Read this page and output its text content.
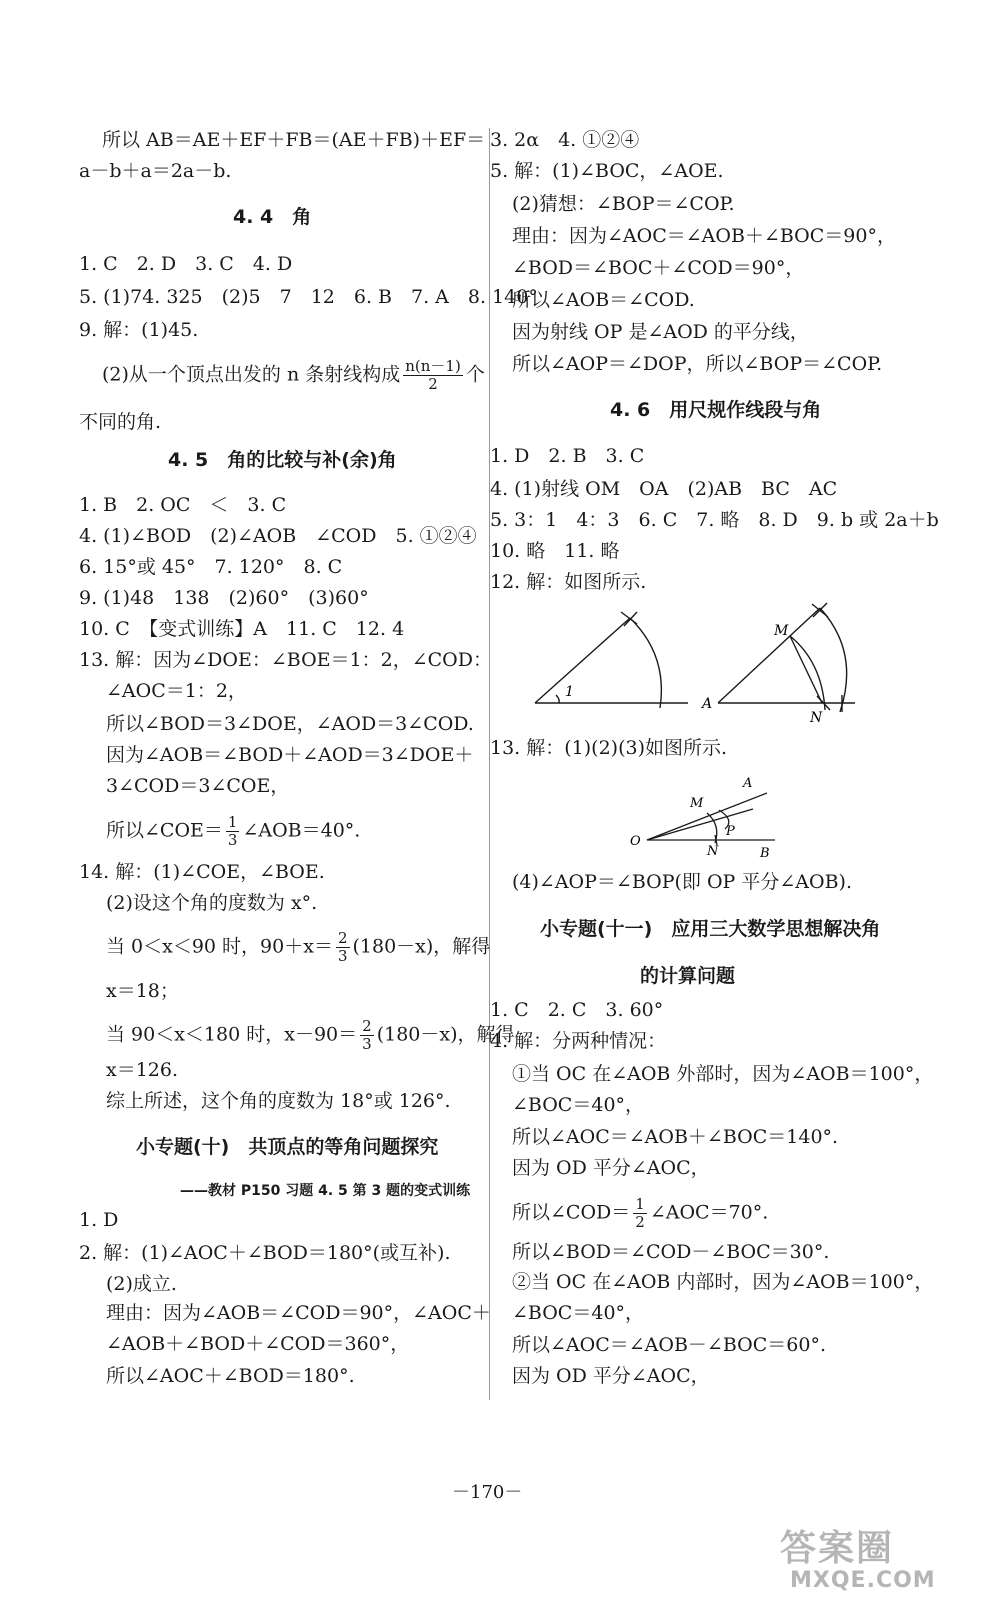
所以 AB＝AE＋EF＋FB＝(AE＋FB)＋EF＝
a－b＋a＝2a－b.
4. 4　角
1. C　2. D　3. C　4. D
5. (1)74. 325　(2)5　7　12　6. B　7. A　8. 140°
9. 解：(1)45.
(2)从一个顶点出发的 n 条射线构成 $\frac{n(n-1)}{2}$ 个
不同的角.
4. 5　角的比较与补(余)角
1. B　2. OC　＜　3. C
4. (1)∠BOD　(2)∠AOB　∠COD　5. ①②④
6. 15°或 45°　7. 120°　8. C
9. (1)48　138　(2)60°　(3)60°
10. C　【变式训练】A　11. C　12. 4
13. 解：因为∠DOE：∠BOE＝1：2，∠COD：
∠AOC＝1：2，
所以∠BOD＝3∠DOE，∠AOD＝3∠COD.
因为∠AOB＝∠BOD＋∠AOD＝3∠DOE＋
3∠COD＝3∠COE，
所以∠COE＝ $\frac{1}{3}$ ∠AOB＝40°.
14. 解：(1)∠COE，∠BOE.
(2)设这个角的度数为 x°.
当 0＜x＜90 时，$90+x= \frac{2}{3} (180-x)$，解得
x＝18；
当 90＜x＜180 时，$x-90= \frac{2}{3} (180-x)$，解得
x＝126.
综上所述，这个角的度数为 18°或 126°.
小专题(十)　共顶点的等角问题探究
——教材 P150 习题 4. 5 第 3 题的变式训练
1. D
2. 解：(1)∠AOC＋∠BOD＝180°(或互补).
(2)成立.
理由：因为∠AOB＝∠COD＝90°，∠AOC＋
∠AOB＋∠BOD＋∠COD＝360°，
所以∠AOC＋∠BOD＝180°.
3. 2α　4. ①②④
5. 解：(1)∠BOC，∠AOE.
(2)猜想：∠BOP＝∠COP.
理由：因为∠AOC＝∠AOB＋∠BOC＝90°，
∠BOD＝∠BOC＋∠COD＝90°，
所以∠AOB＝∠COD.
因为射线 OP 是∠AOD 的平分线，
所以∠AOP＝∠DOP，所以∠BOP＝∠COP.
4. 6　用尺规作线段与角
1. D　2. B　3. C
4. (1)射线 OM　OA　(2)AB　BC　AC
5. 3：1　4：3　6. C　7. 略　8. D　9. b 或 2a＋b
10. 略　11. 略
12. 解：如图所示.
1
A
M
N
13. 解：(1)(2)(3)如图所示.
O
A
B
M
N
P
(4)∠AOP＝∠BOP(即 OP 平分∠AOB).
小专题(十一)　应用三大数学思想解决角
的计算问题
1. C　2. C　3. 60°
4. 解：分两种情况：
①当 OC 在∠AOB 外部时，因为∠AOB＝100°，
∠BOC＝40°，
所以∠AOC＝∠AOB＋∠BOC＝140°.
因为 OD 平分∠AOC，
所以∠COD＝ $\frac{1}{2}$ ∠AOC＝70°.
所以∠BOD＝∠COD－∠BOC＝30°.
②当 OC 在∠AOB 内部时，因为∠AOB＝100°，
∠BOC＝40°，
所以∠AOC＝∠AOB－∠BOC＝60°.
因为 OD 平分∠AOC，
－170－
答案圈
MXQE.COM
